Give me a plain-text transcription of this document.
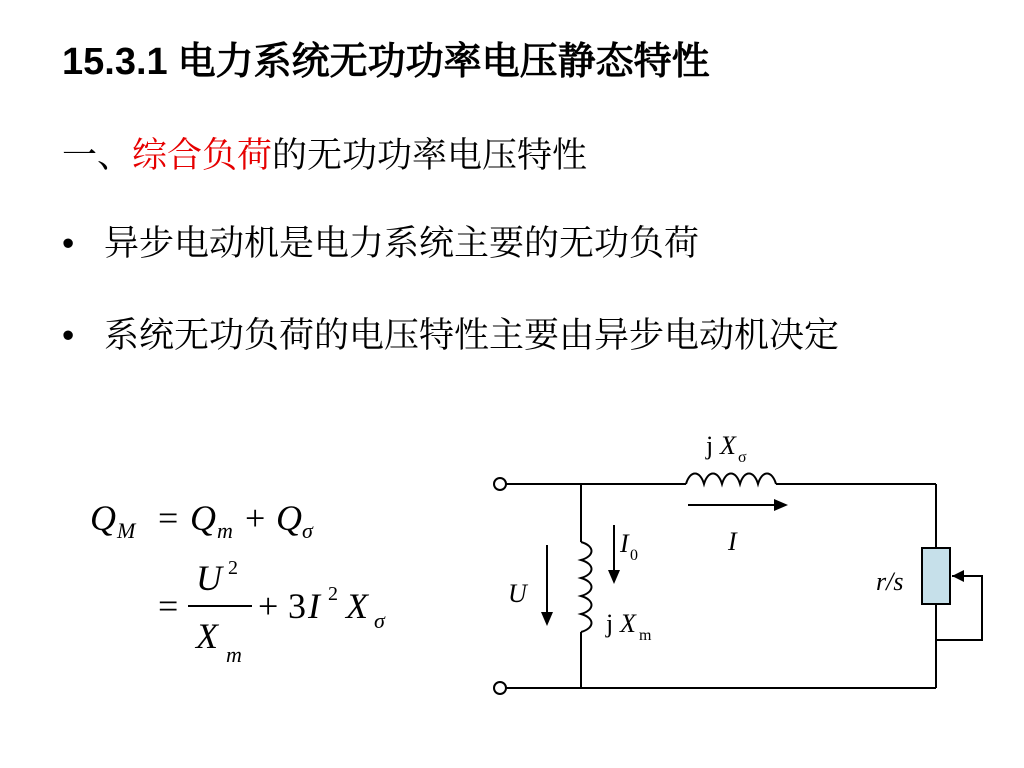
15.3.1 电力系统无功功率电压静态特性
一、综合负荷的无功功率电压特性
• 异步电动机是电力系统主要的无功负荷
• 系统无功负荷的电压特性主要由异步电动机决定
Q M = Q m + Q σ
=
U 2
X m
+ 3 I 2 X σ
j X σ
I
I 0
U
j X m
r/s
